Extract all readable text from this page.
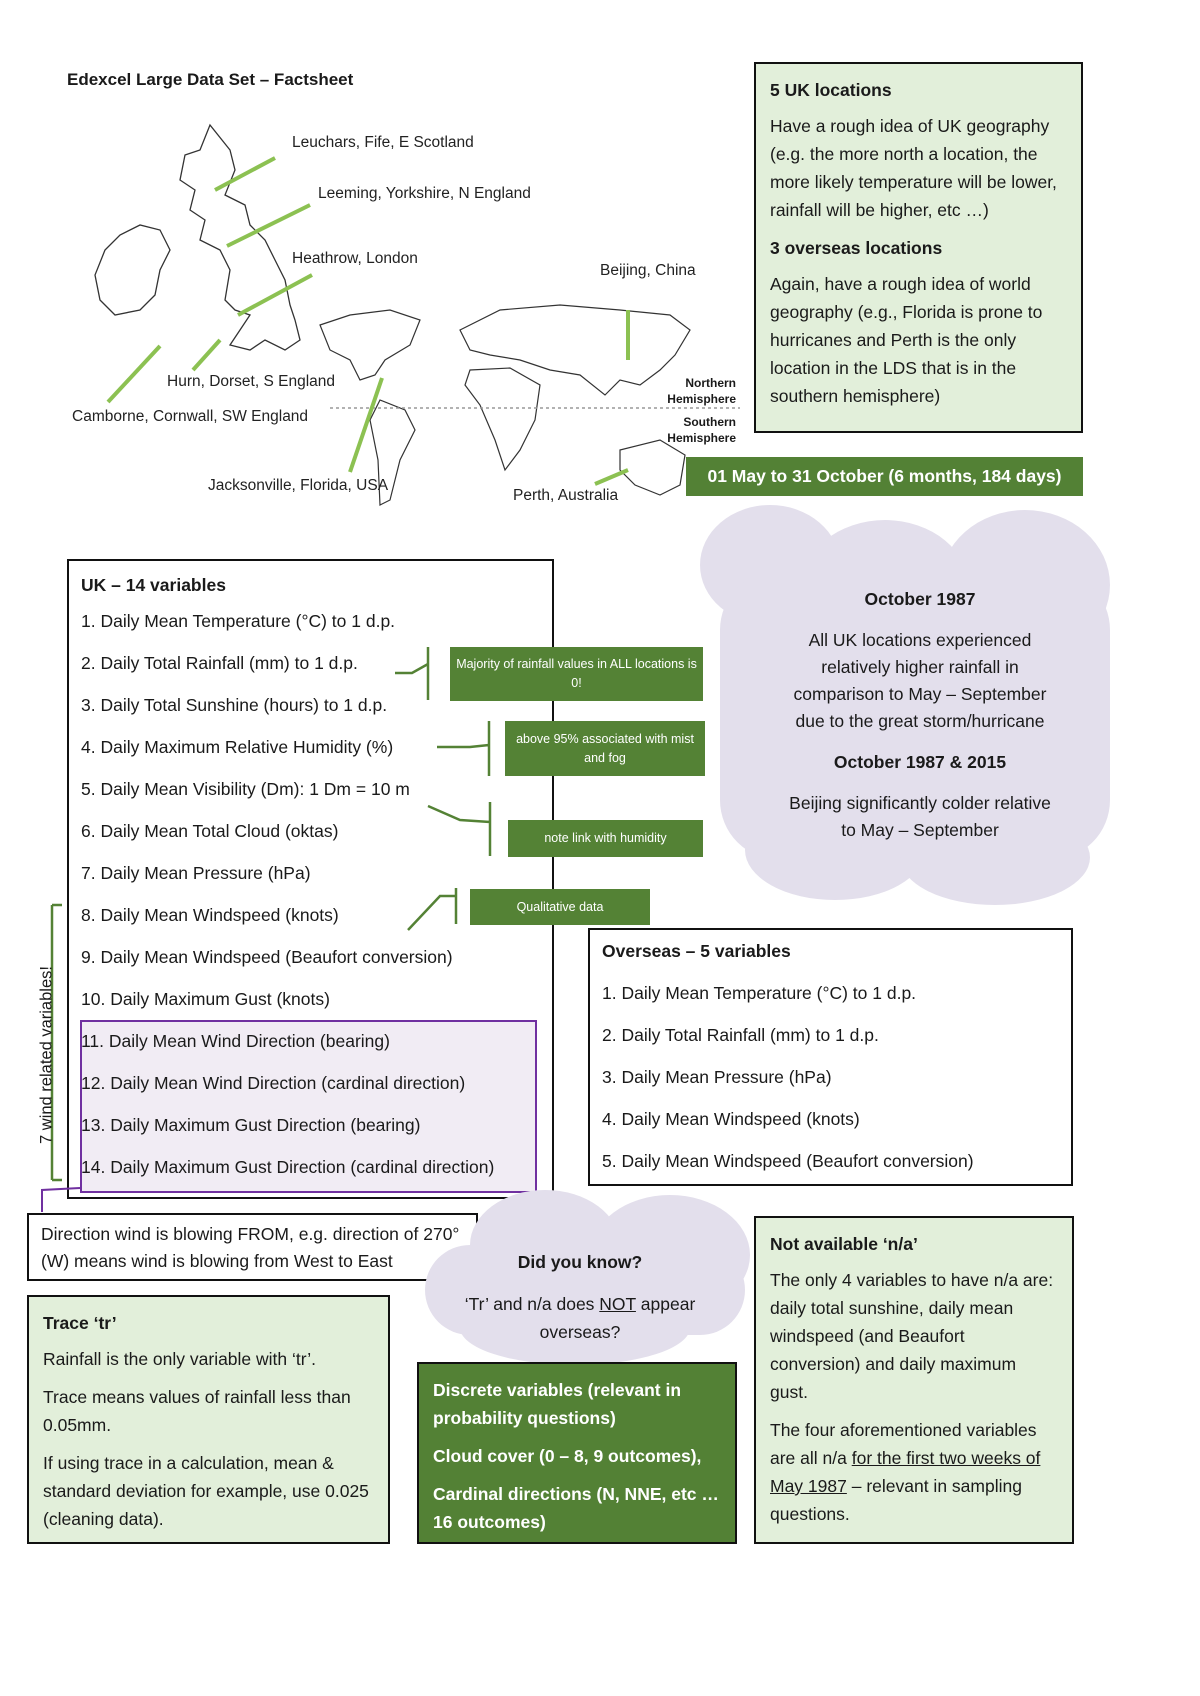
Edexcel Large Data Set – Factsheet
Leuchars, Fife, E Scotland
Leeming, Yorkshire, N England
Heathrow, London
Hurn, Dorset, S England
Camborne, Cornwall, SW England
Beijing, China
Jacksonville, Florida, USA
Perth, Australia
Northern Hemisphere
Southern Hemisphere
5 UK locations

Have a rough idea of UK geography (e.g. the more north a location, the more likely temperature will be lower, rainfall will be higher, etc …)

3 overseas locations

Again, have a rough idea of world geography (e.g., Florida is prone to hurricanes and Perth is the only location in the LDS that is in the southern hemisphere)

01 May to 31 October (6 months, 184 days)
October 1987
All UK locations experienced relatively higher rainfall in comparison to May – September due to the great storm/hurricane
October 1987 & 2015
Beijing significantly colder relative to May – September
UK – 14 variables
1. Daily Mean Temperature (°C) to 1 d.p.
2. Daily Total Rainfall (mm) to 1 d.p.
3. Daily Total Sunshine (hours) to 1 d.p.
4. Daily Maximum Relative Humidity (%)
5. Daily Mean Visibility (Dm): 1 Dm = 10 m
6. Daily Mean Total Cloud (oktas)
7. Daily Mean Pressure (hPa)
8. Daily Mean Windspeed (knots)
9. Daily Mean Windspeed (Beaufort conversion)
10. Daily Maximum Gust (knots)
11. Daily Mean Wind Direction (bearing)
12. Daily Mean Wind Direction (cardinal direction)
13. Daily Maximum Gust Direction (bearing)
14. Daily Maximum Gust Direction (cardinal direction)
Majority of rainfall values in ALL locations is 0!
above 95% associated with mist and fog
note link with humidity
Qualitative data
7 wind related variables!
Overseas – 5 variables
1. Daily Mean Temperature (°C) to 1 d.p.
2. Daily Total Rainfall (mm) to 1 d.p.
3. Daily Mean Pressure (hPa)
4. Daily Mean Windspeed (knots)
5. Daily Mean Windspeed (Beaufort conversion)
Direction wind is blowing FROM, e.g. direction of 270° (W) means wind is blowing from West to East	Did you know?
‘Tr’ and n/a does NOT appear overseas?
Trace ‘tr’

Rainfall is the only variable with ‘tr’.

Trace means values of rainfall less than 0.05mm.

If using trace in a calculation, mean & standard deviation for example, use 0.025 (cleaning data).

Discrete variables (relevant in probability questions)

Cloud cover (0 – 8, 9 outcomes),

Cardinal directions (N, NNE, etc … 16 outcomes)

Not available ‘n/a’

The only 4 variables to have n/a are: daily total sunshine, daily mean windspeed (and Beaufort conversion) and daily maximum gust.

The four aforementioned variables are all n/a for the first two weeks of May 1987 – relevant in sampling questions.
